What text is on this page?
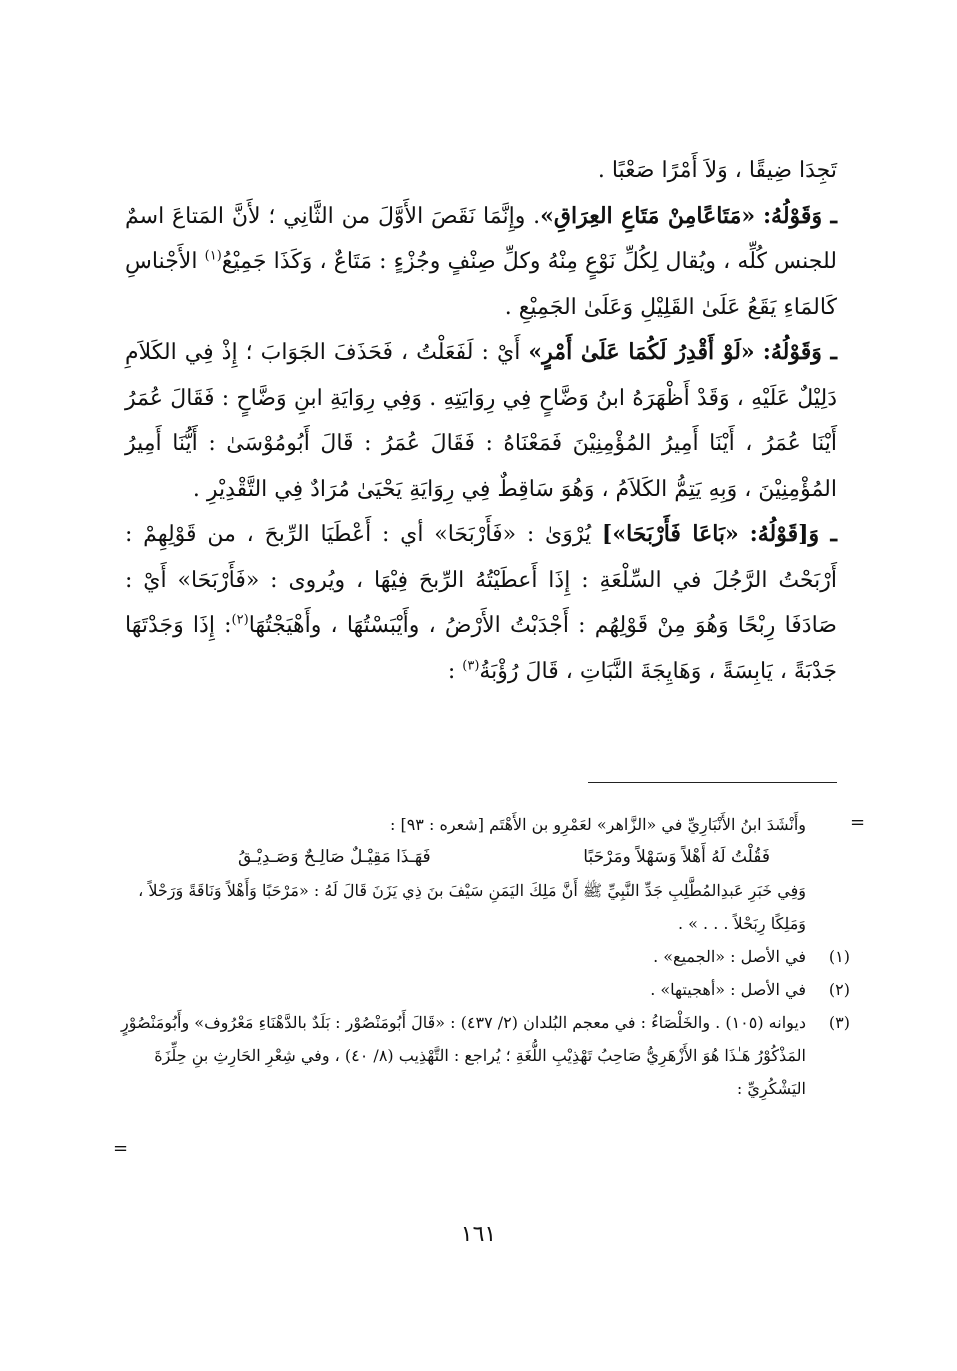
تَجِدَا ضِيقًا ، وَلاَ أَمْرًا صَعْبًا .

ـ وَقَوْلُهُ: «مَتَاعًامِنْ مَتَاعِ العِرَاقِ». وإِنَّمَا نَقَصَ الأَوَّلَ من الثَّانِي ؛ لأَنَّ المَتاعَ اسمٌ للجنس كُلِّه ، ويُقال لِكُلِّ نَوْعٍ مِنْهُ وكلِّ صِنْفٍ وجُزْءٍ : مَتَاعٌ ، وَكَذَا جَمِيْعُ$^{(١)}$ الأَجْناسِ كَالمَاءِ يَقَعُ عَلَىٰ القَلِيْلِ وَعَلَىٰ الجَمِيْعِ .

ـ وَقَوْلُهُ: «لَوْ أَقْدِرُ لَكُمَا عَلَىٰ أَمْرٍ» أَيْ : لَفَعَلْتُ ، فَحَذَفَ الجَوَابَ ؛ إِذْ فِي الكَلاَمِ دَلِيْلٌ عَلَيْهِ ، وَقَدْ أَظْهَرَهُ ابنُ وَضَّاحٍ فِي رِوَايَتِهِ . وَفِي رِوَايَةِ ابنِ وَضَّاحٍ : فَقَالَ عُمَرُ أَيْنَا عُمَرُ ، أَيْنَا أَمِيرُ المُؤْمِنِيْنَ فَمَعْنَاهُ : فَقَالَ عُمَرُ : قَالَ أَبُومُوْسَىٰ : أَيُّنَا أَمِيرُ المُؤْمِنِيْنَ ، وَبِهِ يَتِمُّ الكَلاَمُ ، وَهُوَ سَاقِطٌ فِي رِوَايَةِ يَحْيَىٰ مُرَادٌ فِي التَّقْدِيْرِ .

ـ وَ[قَوْلُهُ: «بَاعَا فَأَرْبَحَا»] يُرْوَىٰ : «فَأَرْبَحَا» أي : أَعْطَيَا الرِّبحَ ، من قَوْلِهِمْ : أَرْبَحْتُ الرَّجُلَ في السِّلْعَةِ : إِذَا أَعطَيْتُهُ الرِّبحَ فِيْهَا ، ويُروى : «فَأَرْبَحَا» أَيْ : صَادَفَا رِبْحًا وَهُوَ مِنْ قَوْلِهُم : أَجْدَبْتُ الأَرْضُ ، وأَيْبَسْتُهَا ، وأَهْيَجْتُهَا$^{(٢)}$: إِذَا وَجَدْتَهَا جَدْبَةً ، يَابِسَةً ، وَهَايِجَةَ النَّبَاتِ ، قَالَ رُؤْبَةُ$^{(٣)}$ :

=
وأَنْشَدَ ابنُ الأَنْبَارِيِّ في «الزَّاهر» لعَمْرِو بن الأَهْتَم [شعره : ٩٣] :
فَقُلْتُ لَهُ أَهْلاً وَسَهْلاً ومَرْحَبًا
فَهَـذَا مَقِيْـلٌ صَالِـحٌ وَصَـدِيْـقُ
وَفِي خَبَرِ عَبدِالمُطَّلِبِ جَدِّ النَّبِيِّ ﷺ أَنَّ مَلِكَ اليَمَنِ سَيْفَ بنَ ذِي يَزَنَ قَالَ لَهُ : «مَرْحَبًا وَأَهْلاً وَنَاقَةً وَرَحْلاً ، وَمَلِكًا رِبَحْلاً . . . » .
(١)
في الأصل : «الجميع» .
(٢)
في الأصل : «أهجيتها» .
(٣)
ديوانه (١٠٥) . والخَلْصَاءُ : في معجم البُلدان (٢/ ٤٣٧) : «قَالَ أَبُومَنْصُوْر : بَلَدٌ بالدَّهْنَاءِ مَعْرُوف» وأَبُومَنْصُوْرٍ المَذْكُوْرُ هَـٰذَا هُوَ الأَزْهَرِيُّ صَاحِبُ تَهْذِيْبِ اللُّغَةِ ؛ يُراجع : التَّهْذِيب (٨/ ٤٠) ، وفي شِعْرِ الحَارِثِ بنِ حِلِّزَةَ اليَشْكُرِيِّ :
=
١٦١
